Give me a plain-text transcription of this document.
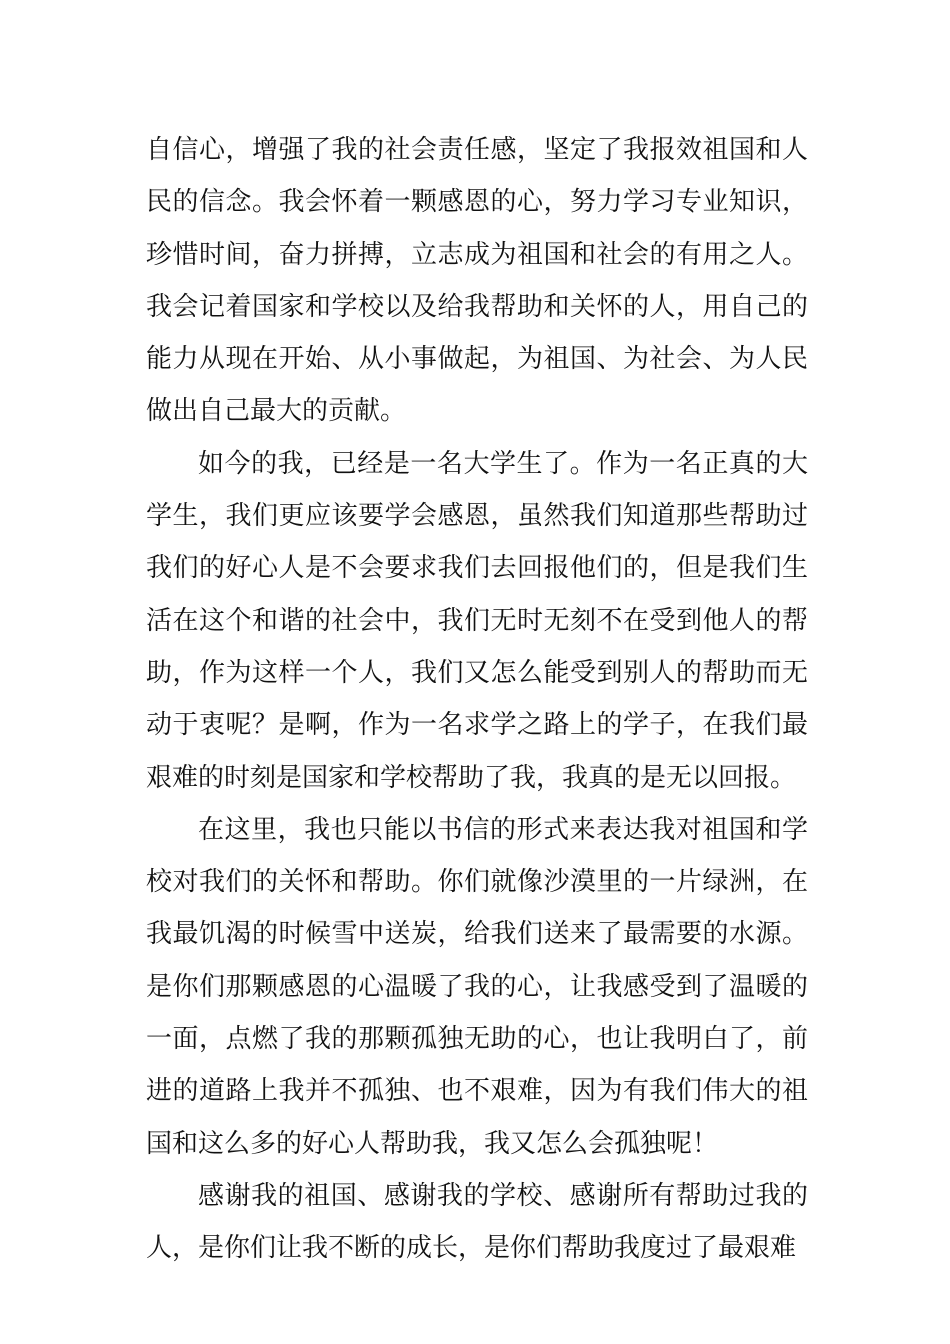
自信心，增强了我的社会责任感，坚定了我报效祖国和人民的信念。我会怀着一颗感恩的心，努力学习专业知识，珍惜时间，奋力拼搏，立志成为祖国和社会的有用之人。我会记着国家和学校以及给我帮助和关怀的人，用自己的能力从现在开始、从小事做起，为祖国、为社会、为人民做出自己最大的贡献。

如今的我，已经是一名大学生了。作为一名正真的大学生，我们更应该要学会感恩，虽然我们知道那些帮助过我们的好心人是不会要求我们去回报他们的，但是我们生活在这个和谐的社会中，我们无时无刻不在受到他人的帮助，作为这样一个人，我们又怎么能受到别人的帮助而无动于衷呢？是啊，作为一名求学之路上的学子，在我们最艰难的时刻是国家和学校帮助了我，我真的是无以回报。

在这里，我也只能以书信的形式来表达我对祖国和学校对我们的关怀和帮助。你们就像沙漠里的一片绿洲，在我最饥渴的时候雪中送炭，给我们送来了最需要的水源。是你们那颗感恩的心温暖了我的心，让我感受到了温暖的一面，点燃了我的那颗孤独无助的心，也让我明白了，前进的道路上我并不孤独、也不艰难，因为有我们伟大的祖国和这么多的好心人帮助我，我又怎么会孤独呢！

感谢我的祖国、感谢我的学校、感谢所有帮助过我的人，是你们让我不断的成长，是你们帮助我度过了最艰难
